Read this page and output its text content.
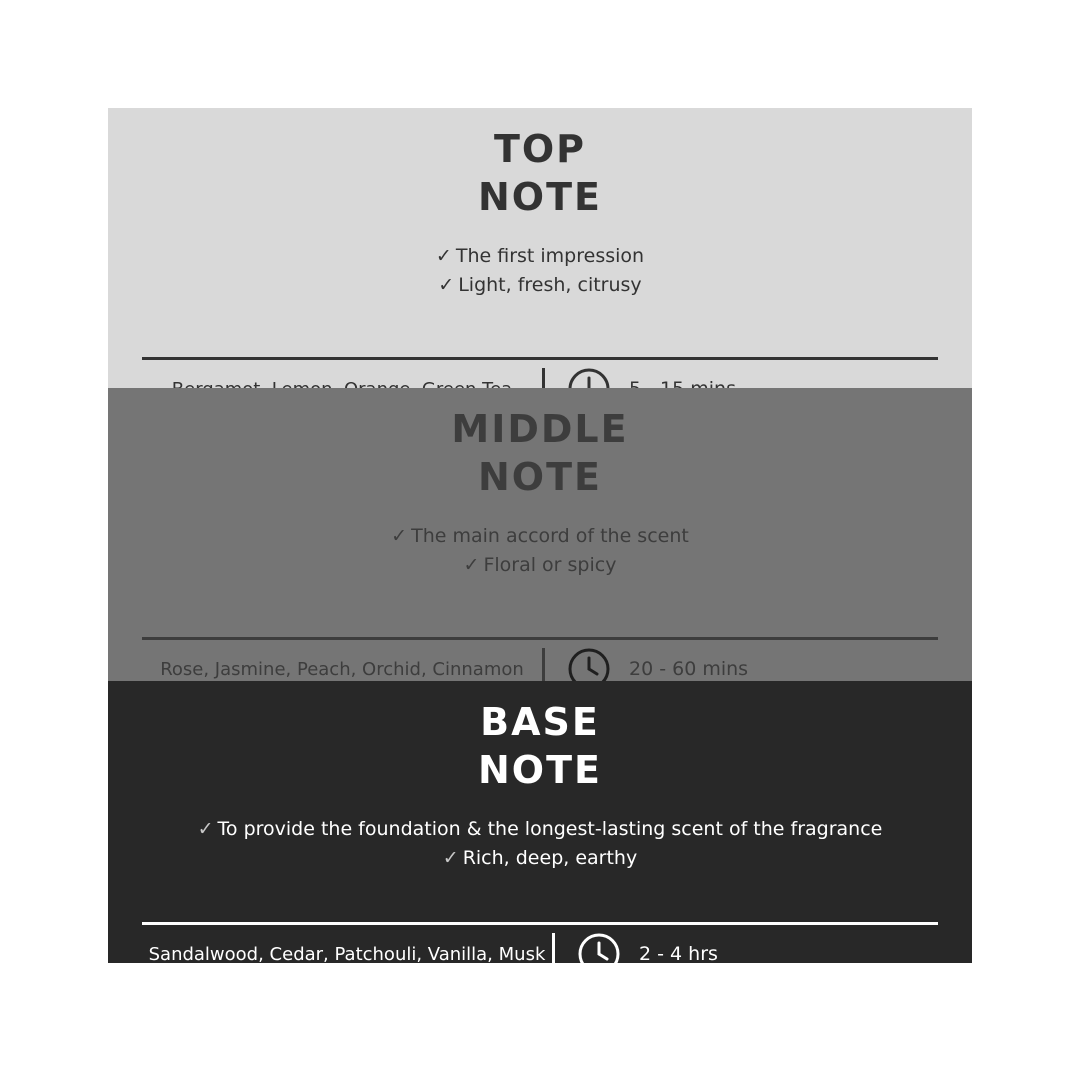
TOP
NOTE
✓ The first impression
✓ Light, fresh, citrusy
MIDDLE
NOTE
✓ The main accord of the scent
✓ Floral or spicy
Rose, Jasmine, Peach, Orchid, Cinnamon	20 - 60 mins
BASE
NOTE
✓ To provide the foundation & the longest-lasting scent of the fragrance
✓ Rich, deep, earthy
Sandalwood, Cedar, Patchouli, Vanilla, Musk	2 - 4 hrs
